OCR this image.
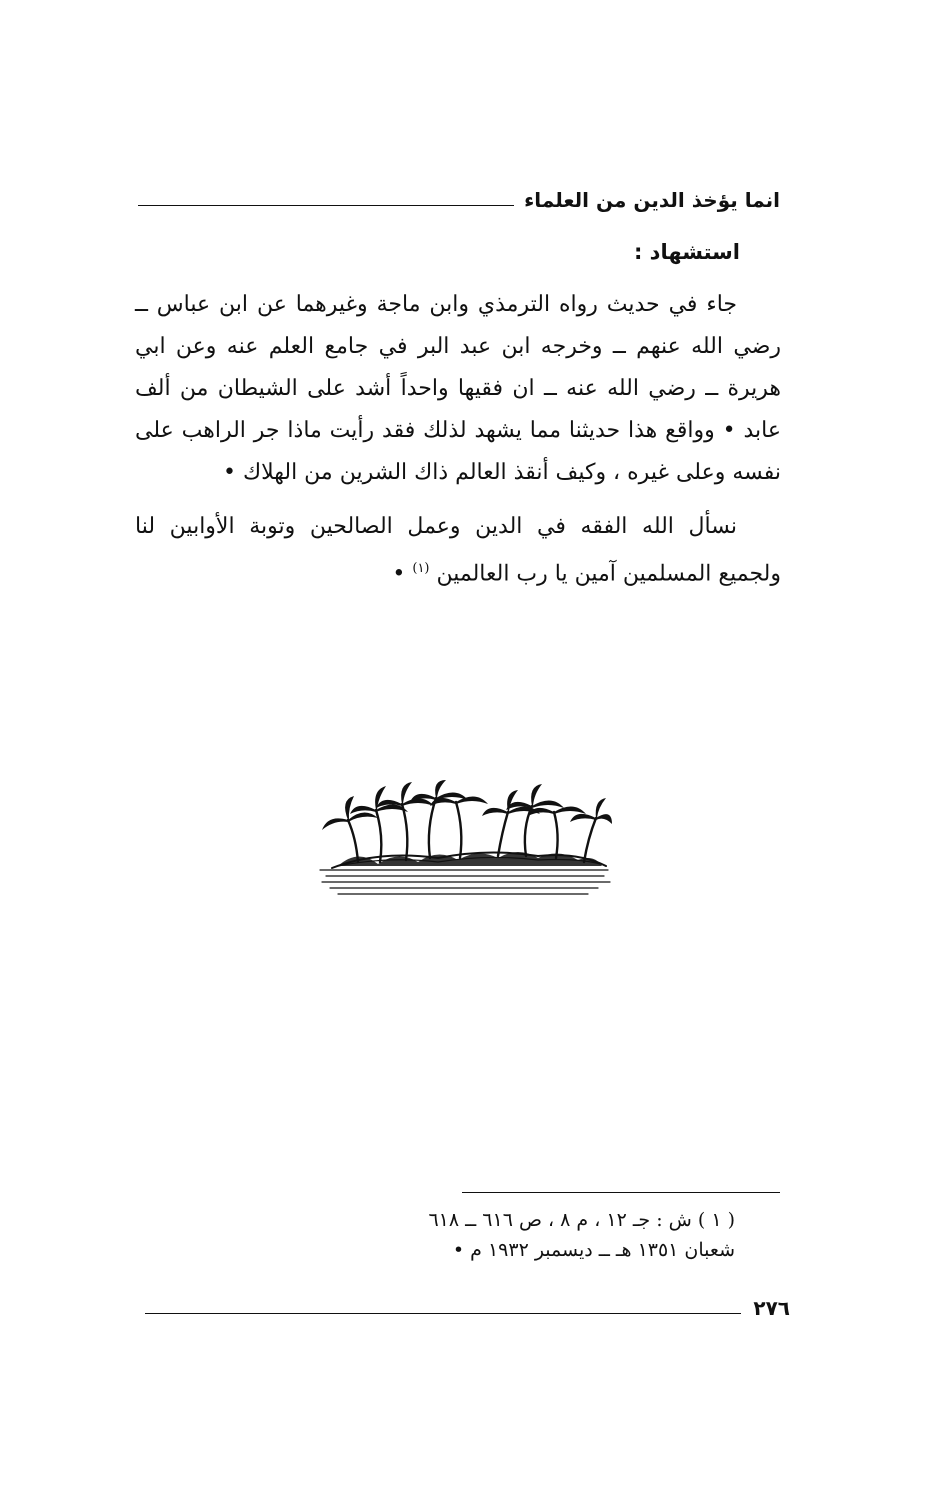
انما يؤخذ الدين من العلماء
استشهاد :

جاء في حديث رواه الترمذي وابن ماجة وغيرهما عن ابن عباس ــ رضي الله عنهم ــ وخرجه ابن عبد البر في جامع العلم عنه وعن ابي هريرة ــ رضي الله عنه ــ ان فقيها واحداً أشد على الشيطان من ألف عابد • وواقع هذا حديثنا مما يشهد لذلك فقد رأيت ماذا جر الراهب على نفسه وعلى غيره ، وكيف أنقذ العالم ذاك الشرين من الهلاك •

نسأل الله الفقه في الدين وعمل الصالحين وتوبة الأوابين لنا ولجميع المسلمين آمين يا رب العالمين $^{(١)}$ •

( ١ ) ش : جـ ١٢ ، م ٨ ، ص ٦١٦ ــ ٦١٨
شعبان ١٣٥١ هـ ــ ديسمبر ١٩٣٢ م •
٢٧٦
